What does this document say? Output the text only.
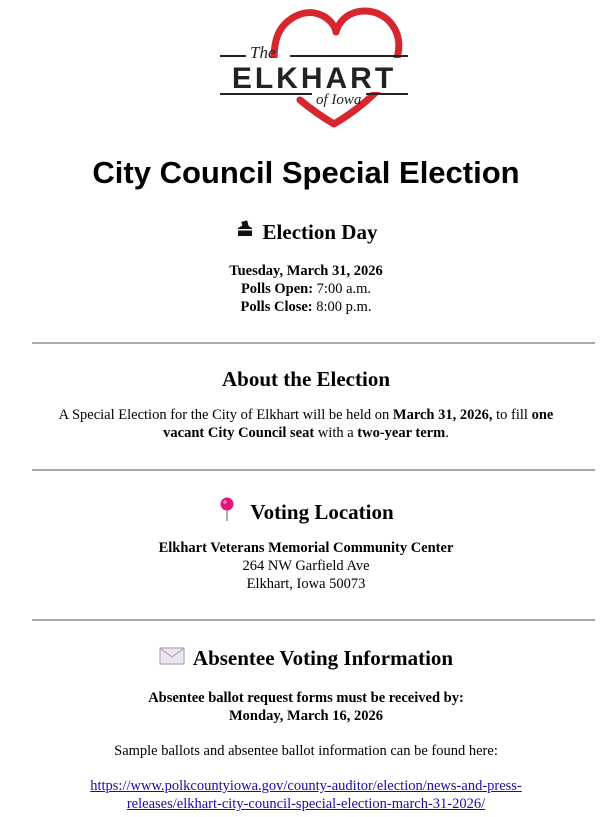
The
ELKHART
of Iowa
City Council Special Election
Election Day
Tuesday, March 31, 2026
Polls Open: 7:00 a.m.
Polls Close: 8:00 p.m.
About the Election
A Special Election for the City of Elkhart will be held on March 31, 2026, to fill one
vacant City Council seat with a two-year term.
Voting Location
Elkhart Veterans Memorial Community Center
264 NW Garfield Ave
Elkhart, Iowa 50073
Absentee Voting Information
Absentee ballot request forms must be received by:
Monday, March 16, 2026
Sample ballots and absentee ballot information can be found here:
https://www.polkcountyiowa.gov/county-auditor/election/news-and-press-
releases/elkhart-city-council-special-election-march-31-2026/
